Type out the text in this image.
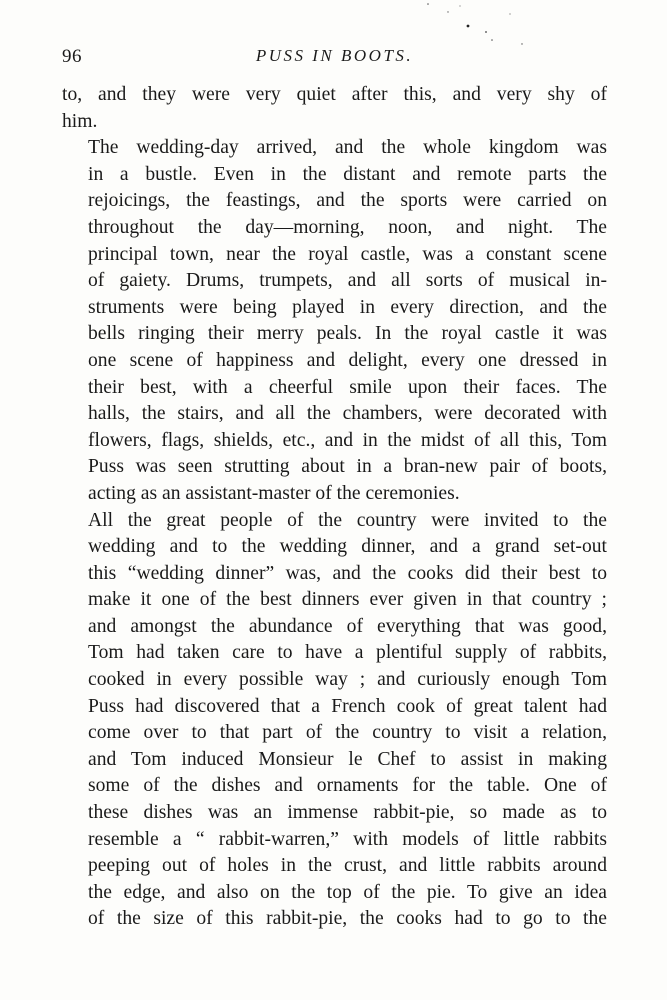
96	PUSS IN BOOTS.

to, and they were very quiet after this, and very shy of
him.

The wedding-day arrived, and the whole kingdom was
in a bustle. Even in the distant and remote parts the
rejoicings, the feastings, and the sports were carried on
throughout the day—morning, noon, and night. The
principal town, near the royal castle, was a constant scene
of gaiety. Drums, trumpets, and all sorts of musical in-
struments were being played in every direction, and the
bells ringing their merry peals. In the royal castle it was
one scene of happiness and delight, every one dressed in
their best, with a cheerful smile upon their faces. The
halls, the stairs, and all the chambers, were decorated with
flowers, flags, shields, etc., and in the midst of all this, Tom
Puss was seen strutting about in a bran-new pair of boots,
acting as an assistant-master of the ceremonies.

All the great people of the country were invited to the
wedding and to the wedding dinner, and a grand set-out
this “wedding dinner” was, and the cooks did their best to
make it one of the best dinners ever given in that country ;
and amongst the abundance of everything that was good,
Tom had taken care to have a plentiful supply of rabbits,
cooked in every possible way ; and curiously enough Tom
Puss had discovered that a French cook of great talent had
come over to that part of the country to visit a relation,
and Tom induced Monsieur le Chef to assist in making
some of the dishes and ornaments for the table. One of
these dishes was an immense rabbit-pie, so made as to
resemble a “ rabbit-warren,” with models of little rabbits
peeping out of holes in the crust, and little rabbits around
the edge, and also on the top of the pie. To give an idea
of the size of this rabbit-pie, the cooks had to go to the
